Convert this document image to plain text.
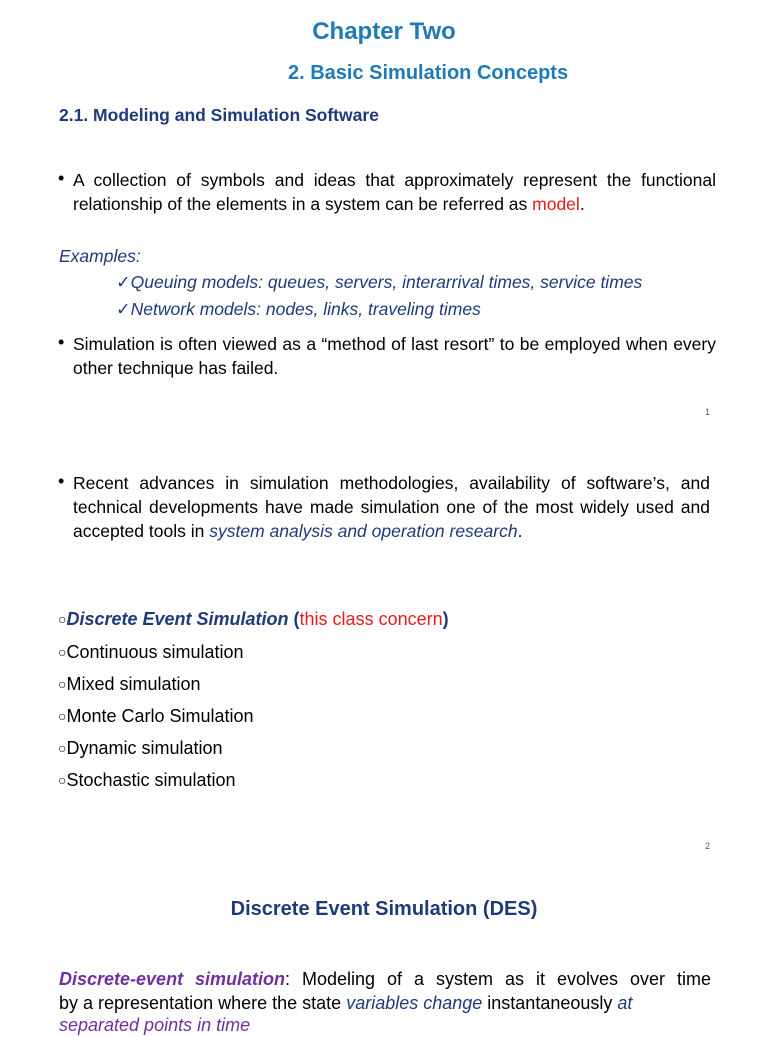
Chapter Two
2. Basic Simulation Concepts
2.1. Modeling and Simulation Software
• A collection of symbols and ideas that approximately represent the functional relationship of the elements in a system can be referred as model.
Examples:
✓Queuing models: queues, servers, interarrival times, service times
✓Network models: nodes, links, traveling times
• Simulation is often viewed as a “method of last resort” to be employed when every other technique has failed.
1
• Recent advances in simulation methodologies, availability of software’s, and technical developments have made simulation one of the most widely used and accepted tools in system analysis and operation research.
○Discrete Event Simulation (this class concern)
○Continuous simulation
○Mixed simulation
○Monte Carlo Simulation
○Dynamic simulation
○Stochastic simulation
2
Discrete Event Simulation (DES)
Discrete-event simulation: Modeling of a system as it evolves over time
by a representation where the state variables change instantaneously at
separated points in time
